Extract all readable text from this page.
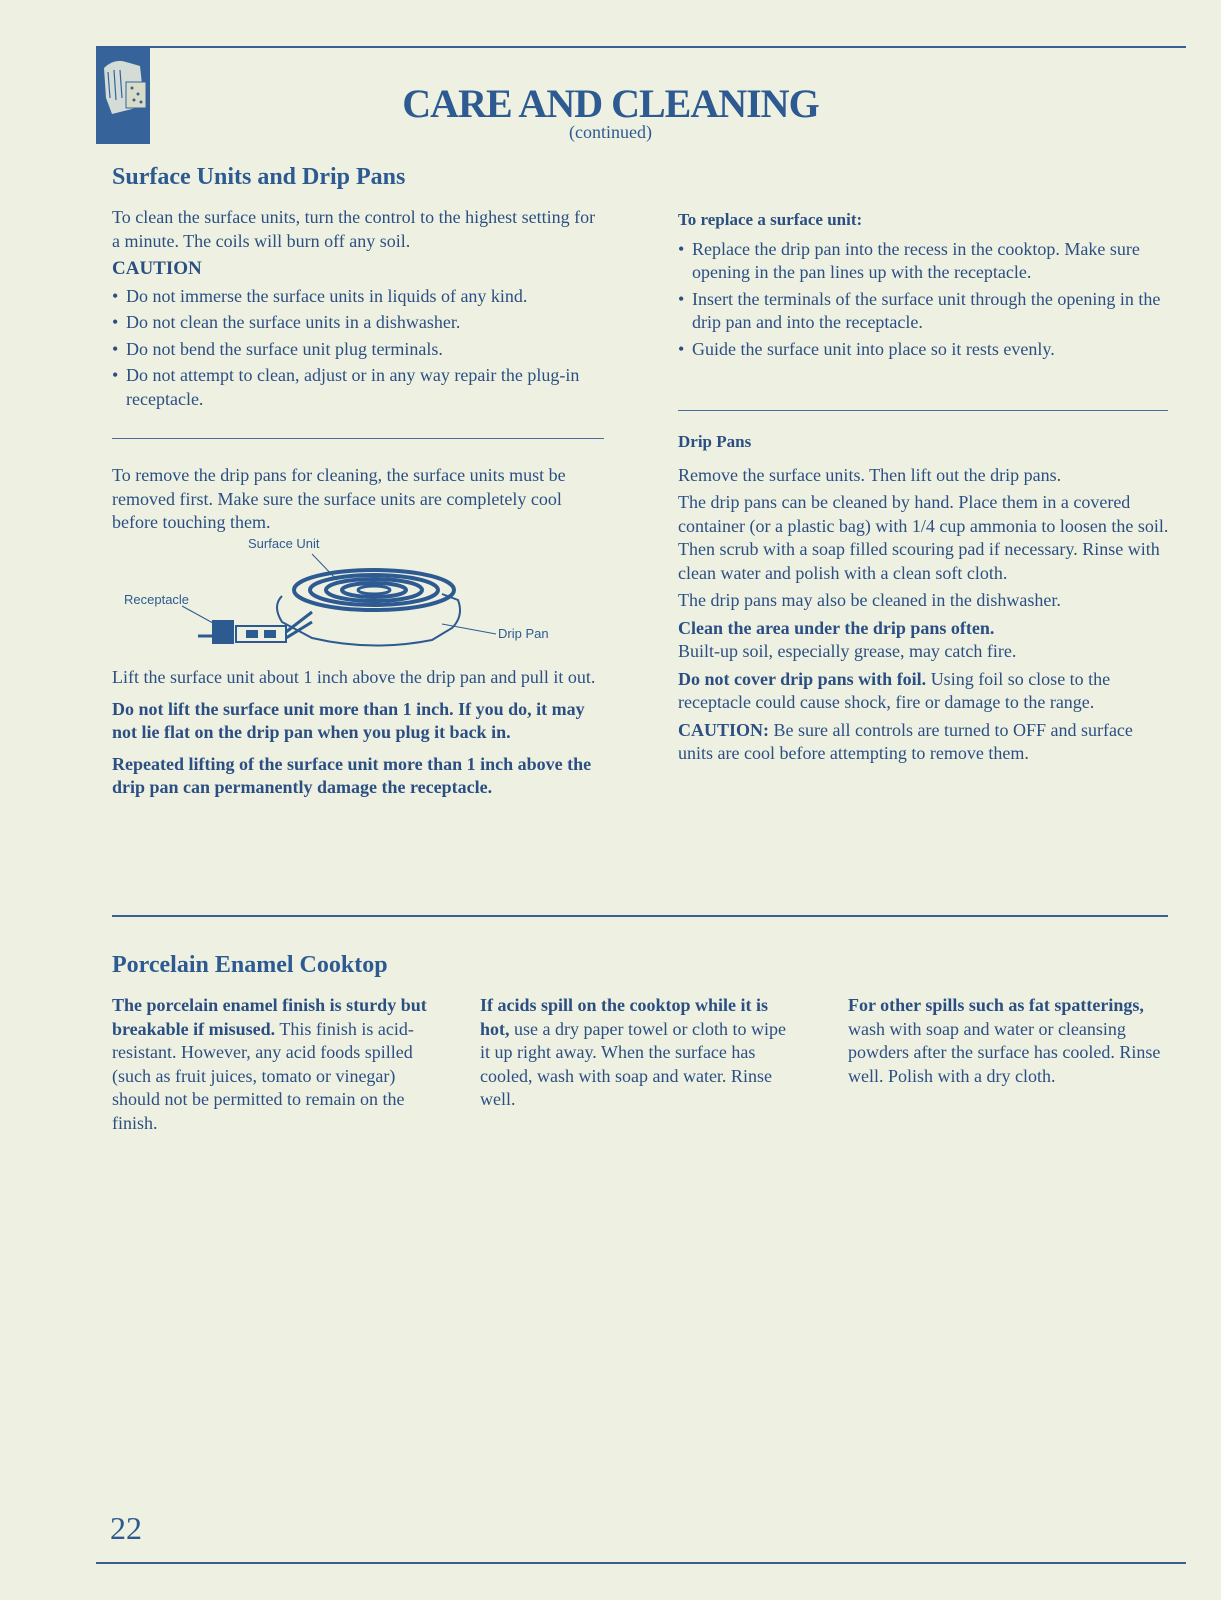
CARE AND CLEANING
(continued)
Surface Units and Drip Pans

To clean the surface units, turn the control to the highest setting for a minute. The coils will burn off any soil.

CAUTION
• Do not immerse the surface units in liquids of any kind.
• Do not clean the surface units in a dishwasher.
• Do not bend the surface unit plug terminals.
• Do not attempt to clean, adjust or in any way repair the plug-in receptacle.

To remove the drip pans for cleaning, the surface units must be removed first. Make sure the surface units are completely cool before touching them.

Surface Unit
Receptacle
Drip Pan

Lift the surface unit about 1 inch above the drip pan and pull it out.

Do not lift the surface unit more than 1 inch. If you do, it may not lie flat on the drip pan when you plug it back in.

Repeated lifting of the surface unit more than 1 inch above the drip pan can permanently damage the receptacle.

To replace a surface unit:
• Replace the drip pan into the recess in the cooktop. Make sure opening in the pan lines up with the receptacle.
• Insert the terminals of the surface unit through the opening in the drip pan and into the receptacle.
• Guide the surface unit into place so it rests evenly.
Drip Pans

Remove the surface units. Then lift out the drip pans.

The drip pans can be cleaned by hand. Place them in a covered container (or a plastic bag) with 1/4 cup ammonia to loosen the soil. Then scrub with a soap filled scouring pad if necessary. Rinse with clean water and polish with a clean soft cloth.

The drip pans may also be cleaned in the dishwasher.

Clean the area under the drip pans often.
Built-up soil, especially grease, may catch fire.

Do not cover drip pans with foil. Using foil so close to the receptacle could cause shock, fire or damage to the range.

CAUTION: Be sure all controls are turned to OFF and surface units are cool before attempting to remove them.

Porcelain Enamel Cooktop
The porcelain enamel finish is sturdy but breakable if misused. This finish is acid-resistant. However, any acid foods spilled (such as fruit juices, tomato or vinegar) should not be permitted to remain on the finish.
If acids spill on the cooktop while it is hot, use a dry paper towel or cloth to wipe it up right away. When the surface has cooled, wash with soap and water. Rinse well.
For other spills such as fat spatterings, wash with soap and water or cleansing powders after the surface has cooled. Rinse well. Polish with a dry cloth.
22
